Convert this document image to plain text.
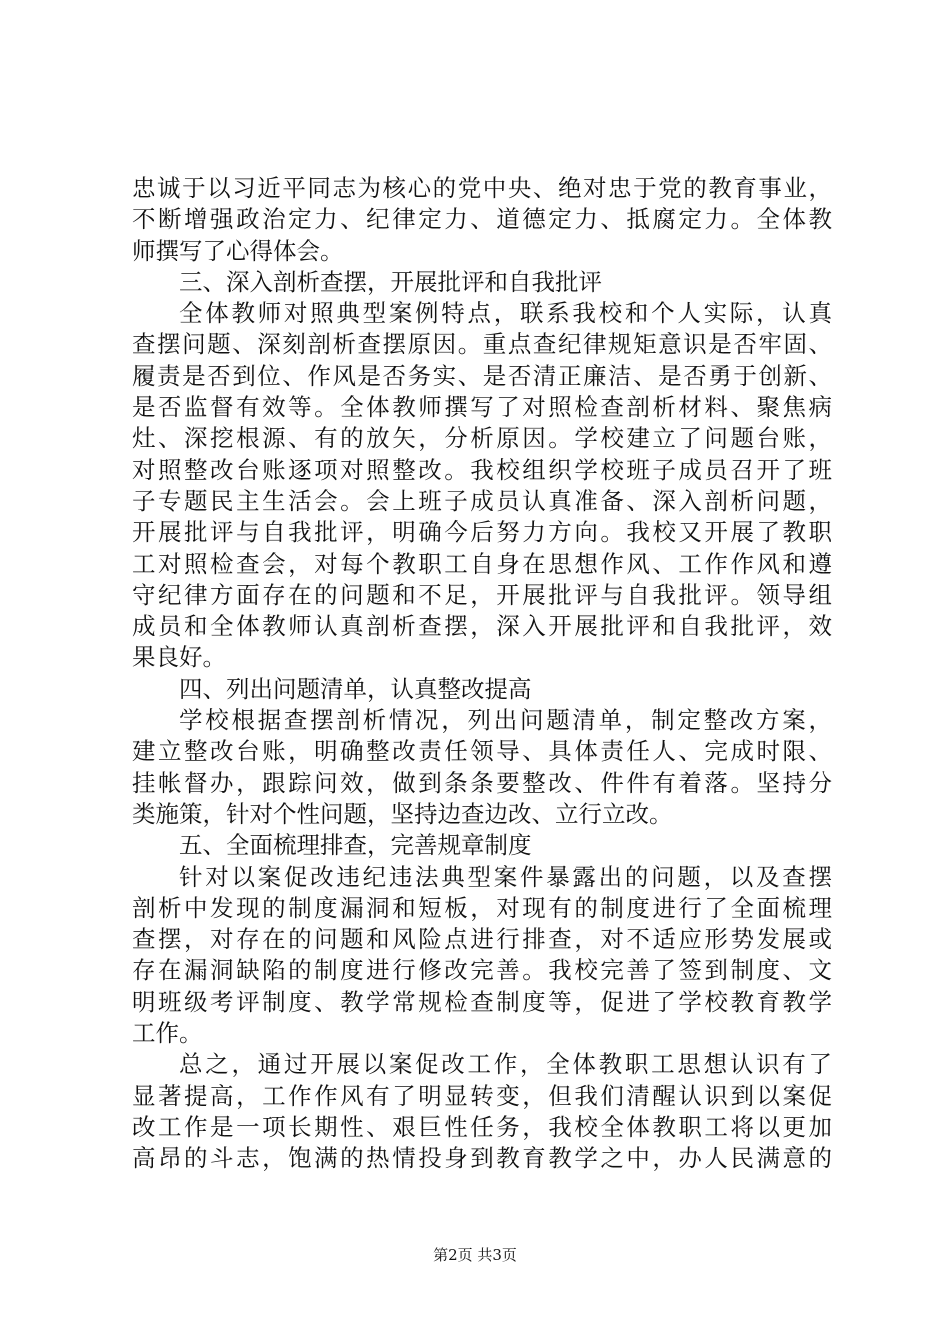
忠诚于以习近平同志为核心的党中央、绝对忠于党的教育事业，
不断增强政治定力、纪律定力、道德定力、抵腐定力。全体教
师撰写了心得体会。
三、深入剖析查摆，开展批评和自我批评
全体教师对照典型案例特点，联系我校和个人实际，认真
查摆问题、深刻剖析查摆原因。重点查纪律规矩意识是否牢固、
履责是否到位、作风是否务实、是否清正廉洁、是否勇于创新、
是否监督有效等。全体教师撰写了对照检查剖析材料、聚焦病
灶、深挖根源、有的放矢，分析原因。学校建立了问题台账，
对照整改台账逐项对照整改。我校组织学校班子成员召开了班
子专题民主生活会。会上班子成员认真准备、深入剖析问题，
开展批评与自我批评，明确今后努力方向。我校又开展了教职
工对照检查会，对每个教职工自身在思想作风、工作作风和遵
守纪律方面存在的问题和不足，开展批评与自我批评。领导组
成员和全体教师认真剖析查摆，深入开展批评和自我批评，效
果良好。
四、列出问题清单，认真整改提高
学校根据查摆剖析情况，列出问题清单，制定整改方案，
建立整改台账，明确整改责任领导、具体责任人、完成时限、
挂帐督办，跟踪问效，做到条条要整改、件件有着落。坚持分
类施策，针对个性问题，坚持边查边改、立行立改。
五、全面梳理排查，完善规章制度
针对以案促改违纪违法典型案件暴露出的问题，以及查摆
剖析中发现的制度漏洞和短板，对现有的制度进行了全面梳理
查摆，对存在的问题和风险点进行排查，对不适应形势发展或
存在漏洞缺陷的制度进行修改完善。我校完善了签到制度、文
明班级考评制度、教学常规检查制度等，促进了学校教育教学
工作。
总之，通过开展以案促改工作，全体教职工思想认识有了
显著提高，工作作风有了明显转变，但我们清醒认识到以案促
改工作是一项长期性、艰巨性任务，我校全体教职工将以更加
高昂的斗志，饱满的热情投身到教育教学之中，办人民满意的
第2页 共3页
